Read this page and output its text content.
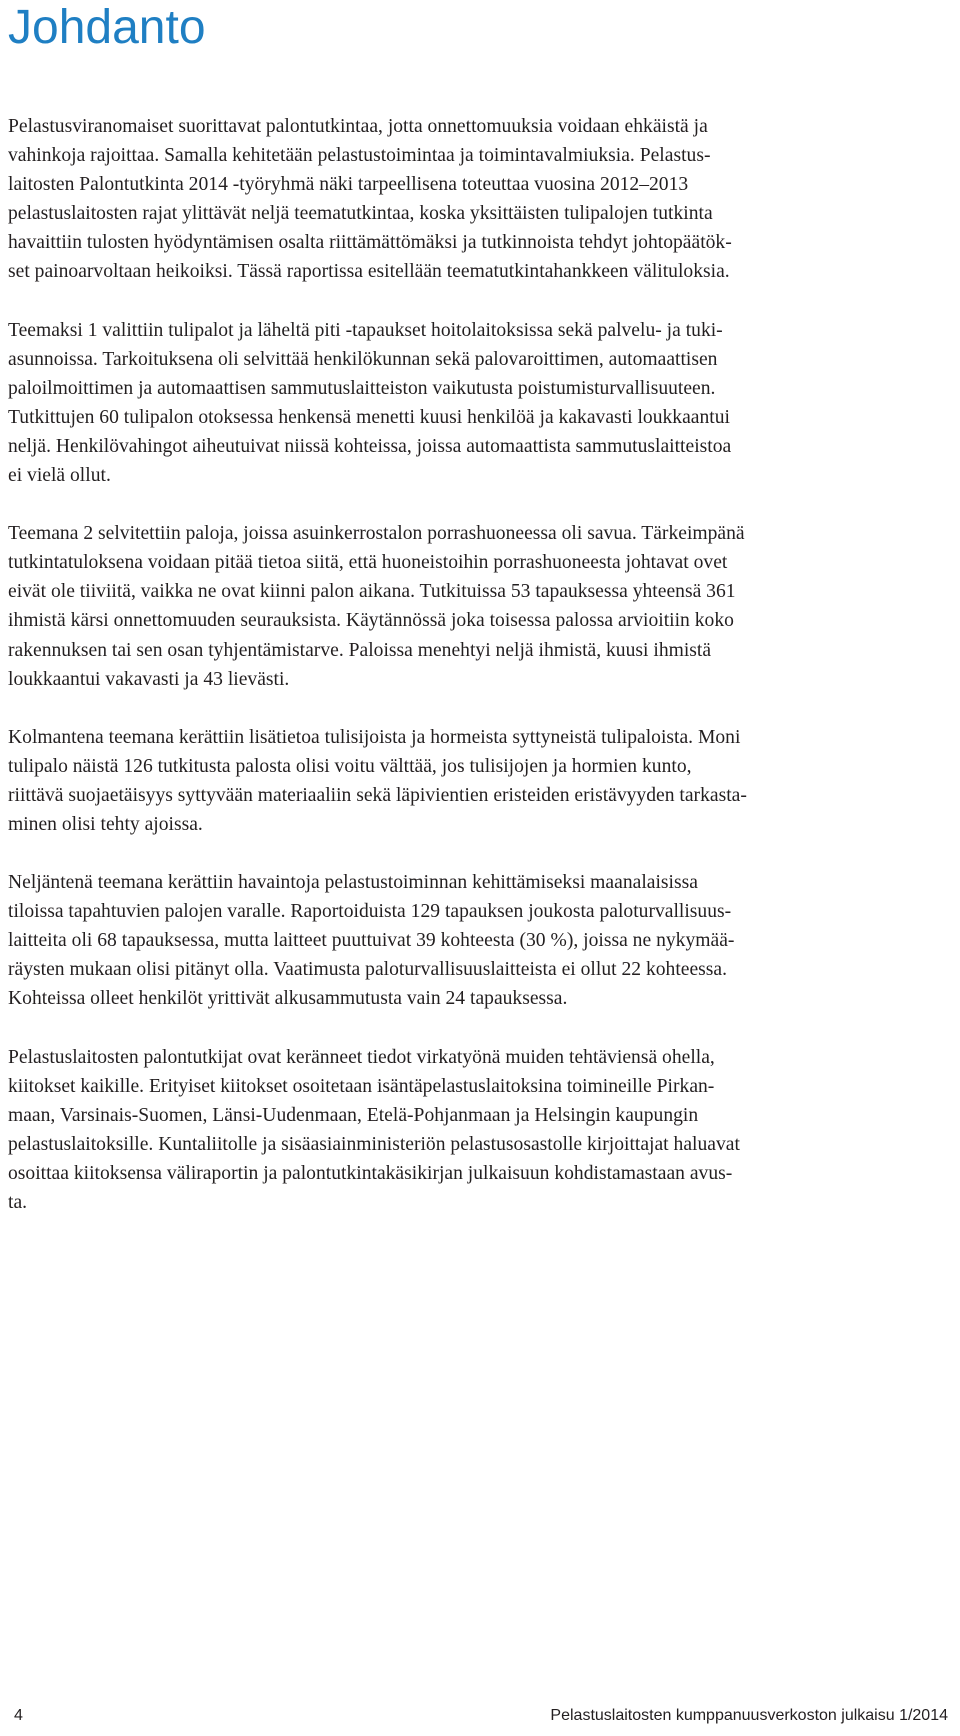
Johdanto

Pelastusviranomaiset suorittavat palontutkintaa, jotta onnettomuuksia voidaan ehkäistä ja
vahinkoja rajoittaa. Samalla kehitetään pelastustoimintaa ja toimintavalmiuksia. Pelastus-
laitosten Palontutkinta 2014 -työryhmä näki tarpeellisena toteuttaa vuosina 2012–2013
pelastuslaitosten rajat ylittävät neljä teematutkintaa, koska yksittäisten tulipalojen tutkinta
havaittiin tulosten hyödyntämisen osalta riittämättömäksi ja tutkinnoista tehdyt johtopäätök-
set painoarvoltaan heikoiksi. Tässä raportissa esitellään teematutkintahankkeen välituloksia.

Teemaksi 1 valittiin tulipalot ja läheltä piti -tapaukset hoitolaitoksissa sekä palvelu- ja tuki-
asunnoissa. Tarkoituksena oli selvittää henkilökunnan sekä palovaroittimen, automaattisen
paloilmoittimen ja automaattisen sammutuslaitteiston vaikutusta poistumisturvallisuuteen.
Tutkittujen 60 tulipalon otoksessa henkensä menetti kuusi henkilöä ja kakavasti loukkaantui
neljä. Henkilövahingot aiheutuivat niissä kohteissa, joissa automaattista sammutuslaitteistoa
ei vielä ollut.

Teemana 2 selvitettiin paloja, joissa asuinkerrostalon porrashuoneessa oli savua. Tärkeimpänä
tutkintatuloksena voidaan pitää tietoa siitä, että huoneistoihin porrashuoneesta johtavat ovet
eivät ole tiiviitä, vaikka ne ovat kiinni palon aikana. Tutkituissa 53 tapauksessa yhteensä 361
ihmistä kärsi onnettomuuden seurauksista. Käytännössä joka toisessa palossa arvioitiin koko
rakennuksen tai sen osan tyhjentämistarve. Paloissa menehtyi neljä ihmistä, kuusi ihmistä
loukkaantui vakavasti ja 43 lievästi.

Kolmantena teemana kerättiin lisätietoa tulisijoista ja hormeista syttyneistä tulipaloista. Moni
tulipalo näistä 126 tutkitusta palosta olisi voitu välttää, jos tulisijojen ja hormien kunto,
riittävä suojaetäisyys syttyvään materiaaliin sekä läpivientien eristeiden eristävyyden tarkasta-
minen olisi tehty ajoissa.

Neljäntenä teemana kerättiin havaintoja pelastustoiminnan kehittämiseksi maanalaisissa
tiloissa tapahtuvien palojen varalle. Raportoiduista 129 tapauksen joukosta paloturvallisuus-
laitteita oli 68 tapauksessa, mutta laitteet puuttuivat 39 kohteesta (30 %), joissa ne nykymää-
räysten mukaan olisi pitänyt olla. Vaatimusta paloturvallisuuslaitteista ei ollut 22 kohteessa.
Kohteissa olleet henkilöt yrittivät alkusammutusta vain 24 tapauksessa.

Pelastuslaitosten palontutkijat ovat keränneet tiedot virkatyönä muiden tehtäviensä ohella,
kiitokset kaikille. Erityiset kiitokset osoitetaan isäntäpelastuslaitoksina toimineille Pirkan-
maan, Varsinais-Suomen, Länsi-Uudenmaan, Etelä-Pohjanmaan ja Helsingin kaupungin
pelastuslaitoksille. Kuntaliitolle ja sisäasiainministeriön pelastusosastolle kirjoittajat haluavat
osoittaa kiitoksensa väliraportin ja palontutkintakäsikirjan julkaisuun kohdistamastaan avus-
ta.

4	Pelastuslaitosten kumppanuusverkoston julkaisu 1/2014
